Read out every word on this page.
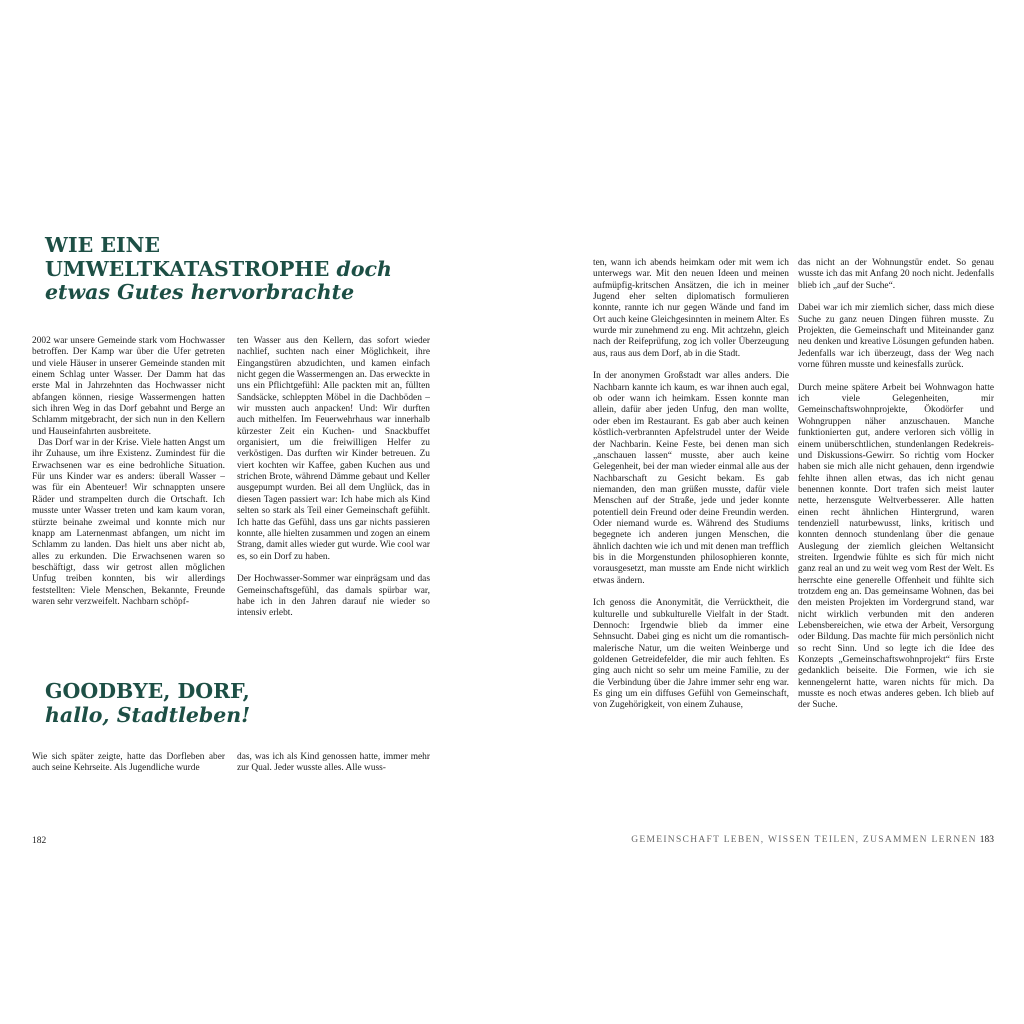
WIE EINE
UMWELTKATASTROPHE doch
etwas Gutes hervorbrachte

2002 war unsere Gemeinde stark vom Hochwasser betroffen. Der Kamp war über die Ufer getreten und viele Häuser in unserer Gemeinde standen mit einem Schlag unter Wasser. Der Damm hat das erste Mal in Jahrzehnten das Hochwasser nicht abfangen können, riesige Wassermengen hatten sich ihren Weg in das Dorf gebahnt und Berge an Schlamm mitgebracht, der sich nun in den Kellern und Hauseinfahrten ausbreitete.

Das Dorf war in der Krise. Viele hatten Angst um ihr Zuhause, um ihre Existenz. Zumindest für die Erwachsenen war es eine bedrohliche Situation. Für uns Kinder war es anders: überall Wasser – was für ein Abenteuer! Wir schnappten unsere Räder und strampelten durch die Ortschaft. Ich musste unter Wasser treten und kam kaum voran, stürzte beinahe zweimal und konnte mich nur knapp am Laternenmast abfangen, um nicht im Schlamm zu landen. Das hielt uns aber nicht ab, alles zu erkunden. Die Erwachsenen waren so beschäftigt, dass wir getrost allen möglichen Unfug treiben konnten, bis wir allerdings feststellten: Viele Menschen, Bekannte, Freunde waren sehr verzweifelt. Nachbarn schöpf-

ten Wasser aus den Kellern, das sofort wieder nachlief, suchten nach einer Möglichkeit, ihre Eingangstüren abzudichten, und kamen einfach nicht gegen die Wassermengen an. Das erweckte in uns ein Pflichtgefühl: Alle packten mit an, füllten Sandsäcke, schleppten Möbel in die Dachböden – wir mussten auch anpacken! Und: Wir durften auch mithelfen. Im Feuerwehrhaus war innerhalb kürzester Zeit ein Kuchen- und Snackbuffet organisiert, um die freiwilligen Helfer zu verköstigen. Das durften wir Kinder betreuen. Zu viert kochten wir Kaffee, gaben Kuchen aus und strichen Brote, während Dämme gebaut und Keller ausgepumpt wurden. Bei all dem Unglück, das in diesen Tagen passiert war: Ich habe mich als Kind selten so stark als Teil einer Gemeinschaft gefühlt. Ich hatte das Gefühl, dass uns gar nichts passieren konnte, alle hielten zusammen und zogen an einem Strang, damit alles wieder gut wurde. Wie cool war es, so ein Dorf zu haben.

Der Hochwasser-Sommer war einprägsam und das Gemeinschaftsgefühl, das damals spürbar war, habe ich in den Jahren darauf nie wieder so intensiv erlebt.

GOODBYE, DORF,
hallo, Stadtleben!

Wie sich später zeigte, hatte das Dorfleben aber auch seine Kehrseite. Als Jugendliche wurde

das, was ich als Kind genossen hatte, immer mehr zur Qual. Jeder wusste alles. Alle wuss-

ten, wann ich abends heimkam oder mit wem ich unterwegs war. Mit den neuen Ideen und meinen aufmüpfig-kritschen Ansätzen, die ich in meiner Jugend eher selten diplomatisch formulieren konnte, rannte ich nur gegen Wände und fand im Ort auch keine Gleichgesinnten in meinem Alter. Es wurde mir zunehmend zu eng. Mit achtzehn, gleich nach der Reifeprüfung, zog ich voller Überzeugung aus, raus aus dem Dorf, ab in die Stadt.

In der anonymen Großstadt war alles anders. Die Nachbarn kannte ich kaum, es war ihnen auch egal, ob oder wann ich heimkam. Essen konnte man allein, dafür aber jeden Unfug, den man wollte, oder eben im Restaurant. Es gab aber auch keinen köstlich-verbrannten Apfelstrudel unter der Weide der Nachbarin. Keine Feste, bei denen man sich „anschauen lassen“ musste, aber auch keine Gelegenheit, bei der man wieder einmal alle aus der Nachbarschaft zu Gesicht bekam. Es gab niemanden, den man grüßen musste, dafür viele Menschen auf der Straße, jede und jeder konnte potentiell dein Freund oder deine Freundin werden. Oder niemand wurde es. Während des Studiums begegnete ich anderen jungen Menschen, die ähnlich dachten wie ich und mit denen man trefflich bis in die Morgenstunden philosophieren konnte, vorausgesetzt, man musste am Ende nicht wirklich etwas ändern.

Ich genoss die Anonymität, die Verrücktheit, die kulturelle und subkulturelle Vielfalt in der Stadt. Dennoch: Irgendwie blieb da immer eine Sehnsucht. Dabei ging es nicht um die romantisch-malerische Natur, um die weiten Weinberge und goldenen Getreidefelder, die mir auch fehlten. Es ging auch nicht so sehr um meine Familie, zu der die Verbindung über die Jahre immer sehr eng war. Es ging um ein diffuses Gefühl von Gemeinschaft, von Zugehörigkeit, von einem Zuhause,

das nicht an der Wohnungstür endet. So genau wusste ich das mit Anfang 20 noch nicht. Jedenfalls blieb ich „auf der Suche“.

Dabei war ich mir ziemlich sicher, dass mich diese Suche zu ganz neuen Dingen führen musste. Zu Projekten, die Gemeinschaft und Miteinander ganz neu denken und kreative Lösungen gefunden haben. Jedenfalls war ich überzeugt, dass der Weg nach vorne führen musste und keinesfalls zurück.

Durch meine spätere Arbeit bei Wohnwagon hatte ich viele Gelegenheiten, mir Gemeinschaftswohnprojekte, Ökodörfer und Wohngruppen näher anzuschauen. Manche funktionierten gut, andere verloren sich völlig in einem unüberschtlichen, stundenlangen Redekreis- und Diskussions-Gewirr. So richtig vom Hocker haben sie mich alle nicht gehauen, denn irgendwie fehlte ihnen allen etwas, das ich nicht genau benennen konnte. Dort trafen sich meist lauter nette, herzensgute Weltverbesserer. Alle hatten einen recht ähnlichen Hintergrund, waren tendenziell naturbewusst, links, kritisch und konnten dennoch stundenlang über die genaue Auslegung der ziemlich gleichen Weltansicht streiten. Irgendwie fühlte es sich für mich nicht ganz real an und zu weit weg vom Rest der Welt. Es herrschte eine generelle Offenheit und fühlte sich trotzdem eng an. Das gemeinsame Wohnen, das bei den meisten Projekten im Vordergrund stand, war nicht wirklich verbunden mit den anderen Lebensbereichen, wie etwa der Arbeit, Versorgung oder Bildung. Das machte für mich persönlich nicht so recht Sinn. Und so legte ich die Idee des Konzepts „Gemeinschaftswohnprojekt“ fürs Erste gedanklich beiseite. Die Formen, wie ich sie kennengelernt hatte, waren nichts für mich. Da musste es noch etwas anderes geben. Ich blieb auf der Suche.

182	GEMEINSCHAFT LEBEN, WISSEN TEILEN, ZUSAMMEN LERNEN 183
